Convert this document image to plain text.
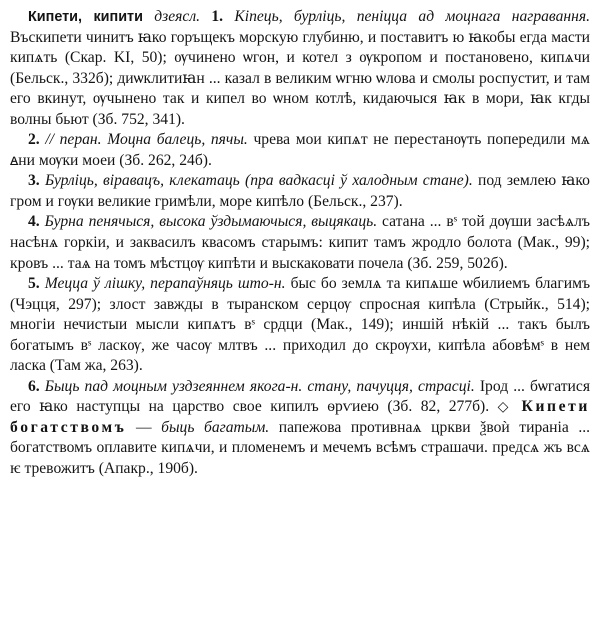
Кипети, кипити дзеясл. 1. Кіпець, бурліць, пеніцца ад моцнага награвання. Въскипети чинитъ ꙗко горъщекъ морскую глубиню, и поставитъ ю ꙗкобы егда масти кипѧть (Скар. KI, 50); ѹчинено ѡгон, и котел з ѹкропом и постановено, кипѧчи (Бельск., 332б); диѡклитиꙗн ... казал в великим ѡгню ѡлова и смолы роспустит, и там его вкинут, ѹчынено так и кипел во ѡном котлѣ, кидаючыся ꙗк в мори, ꙗк кгды волны бьют (Зб. 752, 341).

2. // перан. Моцна балець, пячы. чрева мои кипѧт не перестанѹть попередили мѧ ꙙни мѹки моеи (Зб. 262, 24б).

3. Бурліць, віравацъ, клекатаць (пра вадкасці ў халодным стане). под землею ꙗко гром и гѹки великие гримѣли, море кипѣло (Бельск., 237).

4. Бурна пенячыся, высока ўздымаючыся, выцякаць. сатана ... вˢ той дѹши засѣѧлъ насѣнѧ горкіи, и заквасилъ квасомъ старымъ: кипит тамъ жродло болота (Мак., 99); кровъ ... таѧ на томъ мѣстцѹ кипѣти и выскаковати почела (Зб. 259, 502б).

5. Мецца ў лішку, перапаўняць што-н. быс бо землѧ та кипѧше ѡбилиемъ благимъ (Чэцця, 297); злост завжды в тыранском серцѹ спросная кипѣла (Стрыйк., 514); многіи нечистыи мысли кипѧтъ вˢ срдци (Мак., 149); иншій нѣкій ... такъ былъ богатымъ вˢ ласкѹ, же часѹ млтвъ ... приходил до скрѹхи, кипѣла абовѣмˢ в нем ласка (Там жа, 263).

6. Быць пад моцным уздзеяннем якога-н. стану, пачуцця, страсці. Ірод ... бѡгатися его ꙗко наступцы на царство свое кипилъ ѳрѵиею (Зб. 82, 277б). ◇ Кипети богатствомъ — быць багатым. папежова противнаѧ цркви ѯвоѝ тираніа ... богатствомъ оплавите кипѧчи, и пломенемъ и мечемъ всѣмъ страшачи. предсѧ жъ всѧ ѥ тревожитъ (Апакр., 190б).
